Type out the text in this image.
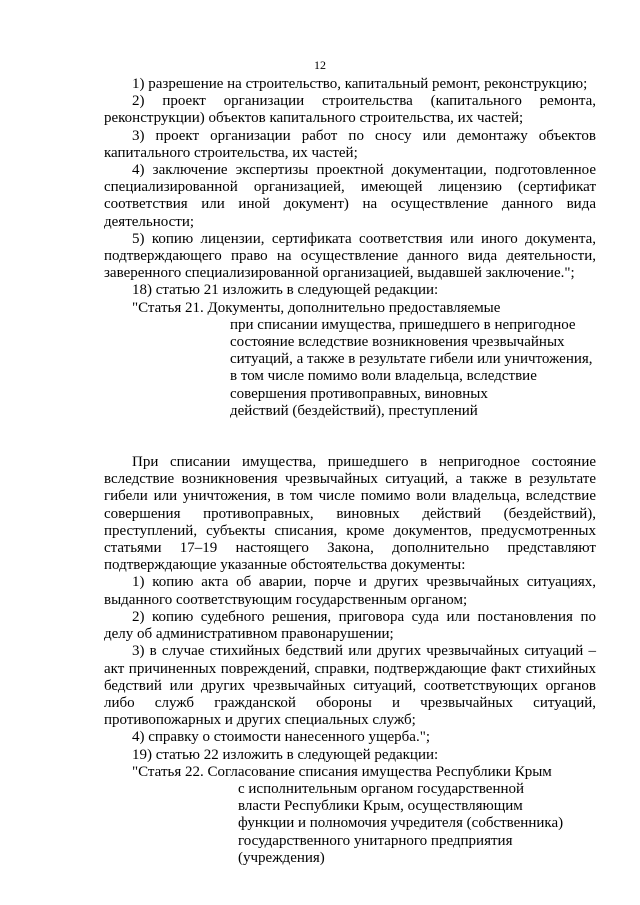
12

1) разрешение на строительство, капитальный ремонт, реконструкцию;

2) проект организации строительства (капитального ремонта, реконструкции) объектов капитального строительства, их частей;

3) проект организации работ по сносу или демонтажу объектов капитального строительства, их частей;

4) заключение экспертизы проектной документации, подготовленное специализированной организацией, имеющей лицензию (сертификат соответствия или иной документ) на осуществление данного вида деятельности;

5) копию лицензии, сертификата соответствия или иного документа, подтверждающего право на осуществление данного вида деятельности, заверенного специализированной организацией, выдавшей заключение.";

18) статью 21 изложить в следующей редакции:

"Статья 21. Документы, дополнительно предоставляемые
при списании имущества, пришедшего в непригодное
состояние вследствие возникновения чрезвычайных
ситуаций, а также в результате гибели или уничтожения,
в том числе помимо воли владельца, вследствие
совершения противоправных, виновных
действий (бездействий), преступлений

При списании имущества, пришедшего в непригодное состояние вследствие возникновения чрезвычайных ситуаций, а также в результате гибели или уничтожения, в том числе помимо воли владельца, вследствие совершения противоправных, виновных действий (бездействий), преступлений, субъекты списания, кроме документов, предусмотренных статьями 17–19 настоящего Закона, дополнительно представляют подтверждающие указанные обстоятельства документы:

1) копию акта об аварии, порче и других чрезвычайных ситуациях, выданного соответствующим государственным органом;

2) копию судебного решения, приговора суда или постановления по делу об административном правонарушении;

3) в случае стихийных бедствий или других чрезвычайных ситуаций – акт причиненных повреждений, справки, подтверждающие факт стихийных бедствий или других чрезвычайных ситуаций, соответствующих органов либо служб гражданской обороны и чрезвычайных ситуаций, противопожарных и других специальных служб;

4) справку о стоимости нанесенного ущерба.";

19) статью 22 изложить в следующей редакции:

"Статья 22. Согласование списания имущества Республики Крым
с исполнительным органом государственной
власти Республики Крым, осуществляющим
функции и полномочия учредителя (собственника)
государственного унитарного предприятия
(учреждения)
